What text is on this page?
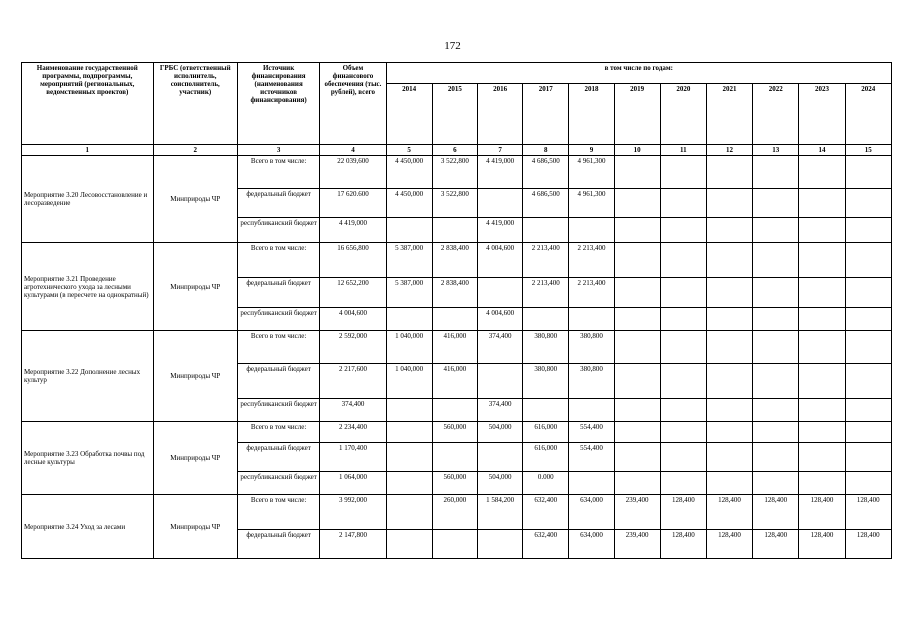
172
Наименование государственной программы, подпрограммы, мероприятий (региональных, ведомственных проектов)	ГРБС (ответственный исполнитель, соисполнитель, участник)	Источник финансирования (наименования источников финансирования)	Объем финансового обеспечения (тыс. рублей), всего	в том числе по годам:										
				2014	2015	2016	2017	2018	2019	2020	2021	2022	2023	2024
1	2	3	4	5	6	7	8	9	10	11	12	13	14	15
Мероприятие 3.20 Лесовосстановление и лесоразведение	Минприроды ЧР	Всего в том числе:	22 039,600	4 450,000	3 522,800	4 419,000	4 686,500	4 961,300						
		федеральный бюджет	17 620.600	4 450,000	3 522,800		4 686,500	4 961,300						
		республиканский бюджет	4 419,000			4 419,000								
Мероприятие 3.21 Проведение агротехнического ухода за лесными культурами (в пересчете на однократный)	Минприроды ЧР	Всего в том числе:	16 656,800	5 387,000	2 838,400	4 004,600	2 213,400	2 213,400						
		федеральный бюджет	12 652,200	5 387,000	2 838,400		2 213,400	2 213,400						
		республиканский бюджет	4 004,600			4 004,600								
Мероприятие 3.22 Дополнение лесных культур	Минприроды ЧР	Всего в том числе:	2 592,000	1 040,000	416,000	374,400	380,800	380,800						
		федеральный бюджет	2 217,600	1 040,000	416,000		380,800	380,800						
		республиканский бюджет	374,400			374,400								
Мероприятие 3.23 Обработка почвы под лесные культуры	Минприроды ЧР	Всего в том числе:	2 234,400		560,000	504,000	616,000	554,400						
		федеральный бюджет	1 170,400				616,000	554,400						
		республиканский бюджет	1 064,000		560,000	504,000	0.000							
Мероприятие 3.24 Уход за лесами	Минприроды ЧР	Всего в том числе:	3 992,000		260,000	1 584,200	632,400	634,000	239,400	128,400	128,400	128,400	128,400	128,400
		федеральный бюджет	2 147,800				632,400	634,000	239,400	128,400	128,400	128,400	128,400	128,400
